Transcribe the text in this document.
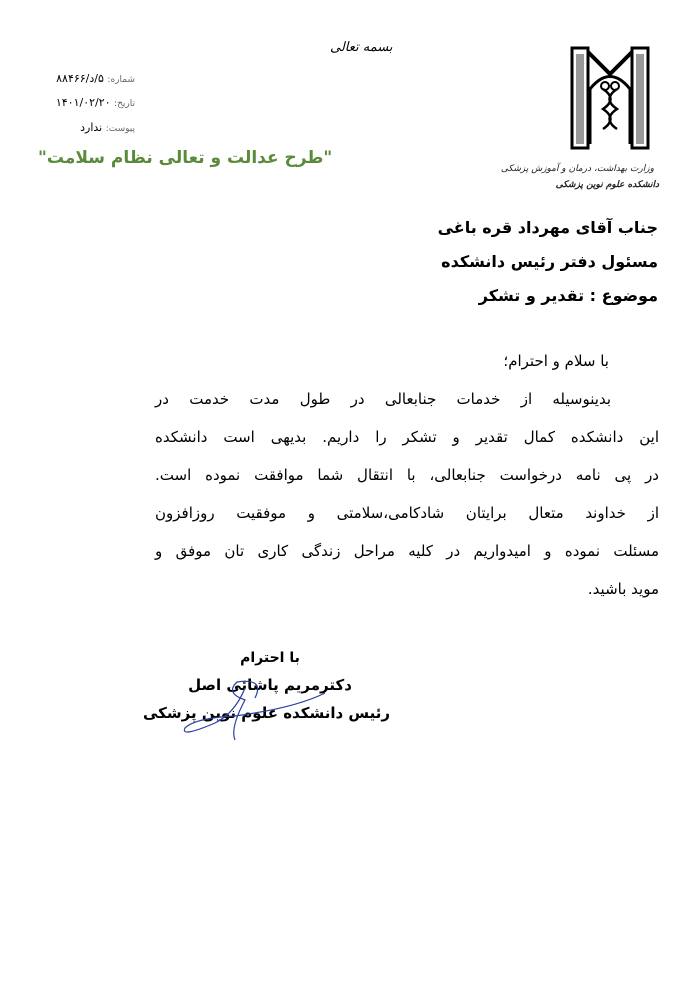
بسمه تعالی
شماره: ۵/د/۸۸۴۶۶
تاریخ: ۱۴۰۱/۰۲/۲۰
پیوست: ندارد
"طرح عدالت و تعالی نظام سلامت"
وزارت بهداشت، درمان و آموزش پزشکی
دانشکده علوم نوین پزشکی
جناب آقای مهرداد قره باغی
مسئول دفتر رئیس دانشکده
موضوع : تقدیر و تشکر
با سلام و احترام؛
بدینوسیله از خدمات جنابعالی در طول مدت خدمت در
این دانشکده کمال تقدیر و تشکر را داریم. بدیهی است دانشکده
در پی نامه درخواست جنابعالی، با انتقال شما موافقت نموده است.
از خداوند متعال برایتان شادکامی،سلامتی و موفقیت روزافزون
مسئلت نموده و امیدواریم در کلیه مراحل زندگی کاری تان موفق و
موید باشید.
با احترام
دکترمریم پاشائی اصل
رئیس دانشکده علوم نوین پزشکی
